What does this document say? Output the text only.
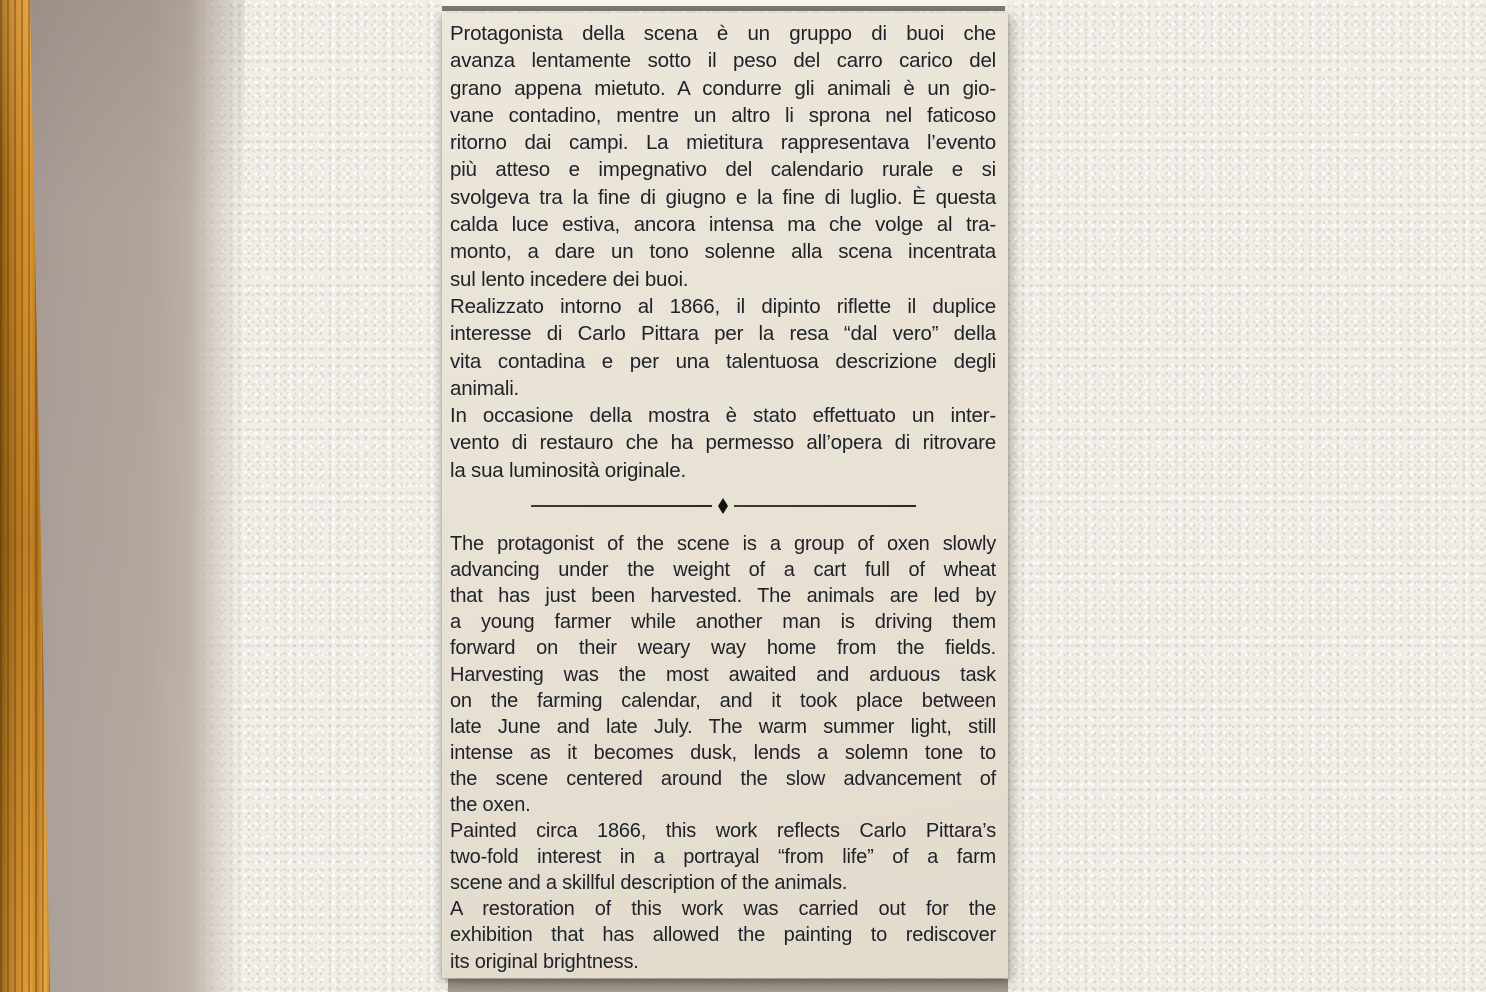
Protagonista della scena è un gruppo di buoi che
avanza lentamente sotto il peso del carro carico del
grano appena mietuto. A condurre gli animali è un gio-
vane contadino, mentre un altro li sprona nel faticoso
ritorno dai campi. La mietitura rappresentava l’evento
più atteso e impegnativo del calendario rurale e si
svolgeva tra la fine di giugno e la fine di luglio. È questa
calda luce estiva, ancora intensa ma che volge al tra-
monto, a dare un tono solenne alla scena incentrata
sul lento incedere dei buoi.
Realizzato intorno al 1866, il dipinto riflette il duplice
interesse di Carlo Pittara per la resa “dal vero” della
vita contadina e per una talentuosa descrizione degli
animali.
In occasione della mostra è stato effettuato un inter-
vento di restauro che ha permesso all’opera di ritrovare
la sua luminosità originale.
The protagonist of the scene is a group of oxen slowly
advancing under the weight of a cart full of wheat
that has just been harvested. The animals are led by
a young farmer while another man is driving them
forward on their weary way home from the fields.
Harvesting was the most awaited and arduous task
on the farming calendar, and it took place between
late June and late July. The warm summer light, still
intense as it becomes dusk, lends a solemn tone to
the scene centered around the slow advancement of
the oxen.
Painted circa 1866, this work reflects Carlo Pittara’s
two-fold interest in a portrayal “from life” of a farm
scene and a skillful description of the animals.
A restoration of this work was carried out for the
exhibition that has allowed the painting to rediscover
its original brightness.
